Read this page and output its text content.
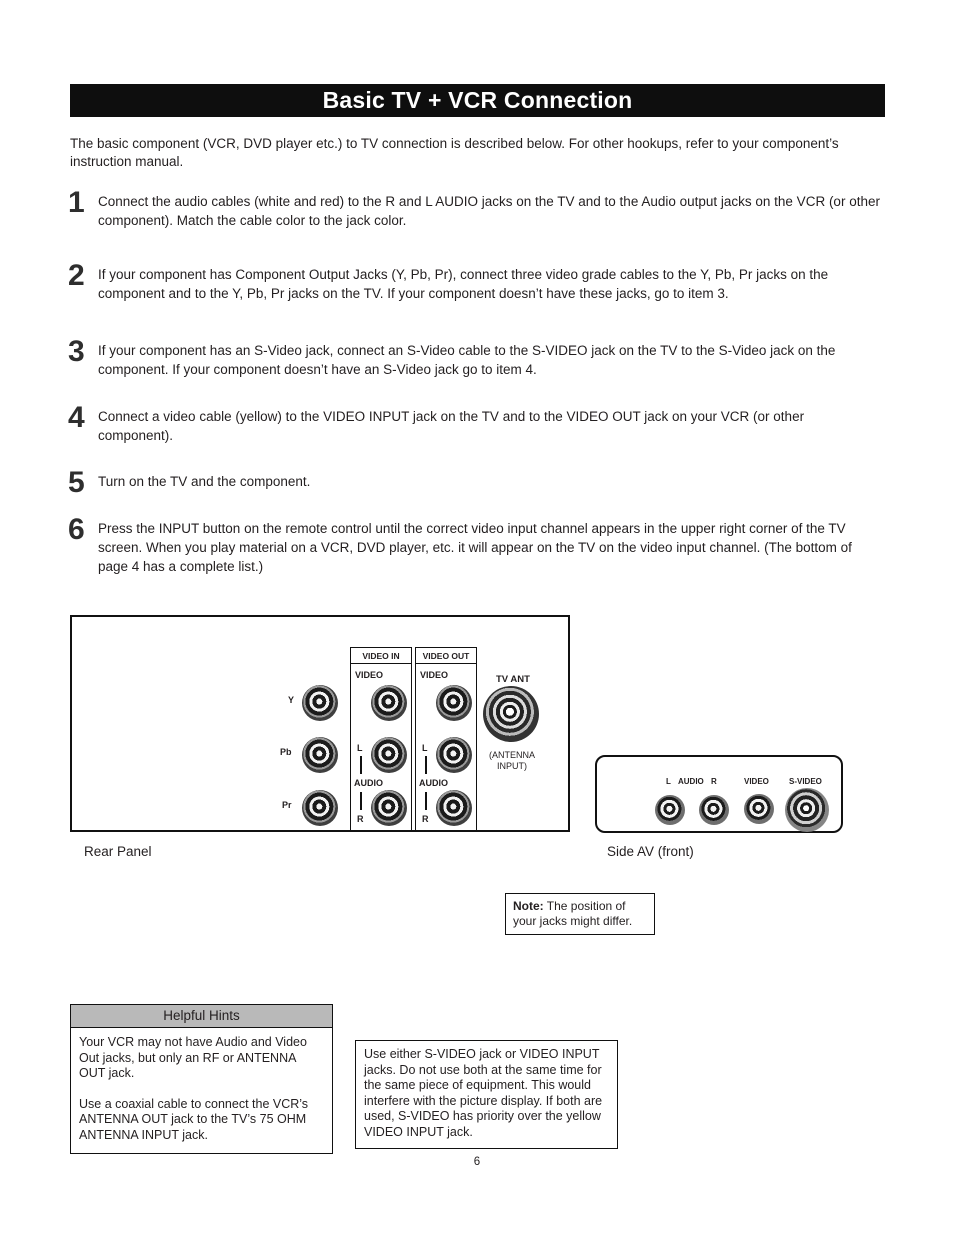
Basic TV + VCR Connection

The basic component (VCR, DVD player etc.) to TV connection is described below. For other hookups, refer to your component’s instruction manual.

1 Connect the audio cables (white and red) to the R and L AUDIO jacks on the TV and to the Audio output jacks on the VCR (or other component). Match the cable color to the jack color.

2 If your component has Component Output Jacks (Y, Pb, Pr), connect three video grade cables to the Y, Pb, Pr jacks on the component and to the Y, Pb, Pr jacks on the TV. If your component doesn’t have these jacks, go to item 3.

3 If your component has an S-Video jack, connect an S-Video cable to the S-VIDEO jack on the TV to the S-Video jack on the component. If your component doesn’t have an S-Video jack go to item 4.

4 Connect a video cable (yellow) to the VIDEO INPUT jack on the TV and to the VIDEO OUT jack on your VCR (or other component).

5 Turn on the TV and the component.

6 Press the INPUT button on the remote control until the correct video input channel appears in the upper right corner of the TV screen. When you play material on a VCR, DVD player, etc. it will appear on the TV on the video input channel. (The bottom of page 4 has a complete list.)

Y
Pb
Pr
VIDEO IN
VIDEO
L
AUDIO
R
VIDEO OUT
VIDEO
L
AUDIO
R
TV ANT
(ANTENNA
INPUT)
Rear Panel
L AUDIO R	VIDEO	S-VIDEO
Side AV (front)
Note: The position of your jacks might differ.
Helpful Hints

Your VCR may not have Audio and Video Out jacks, but only an RF or ANTENNA OUT jack.

Use a coaxial cable to connect the VCR’s ANTENNA OUT jack to the TV’s 75 OHM ANTENNA INPUT jack.

Use either S-VIDEO jack or VIDEO INPUT jacks. Do not use both at the same time for the same piece of equipment. This would interfere with the picture display. If both are used, S-VIDEO has priority over the yellow VIDEO INPUT jack.
6
